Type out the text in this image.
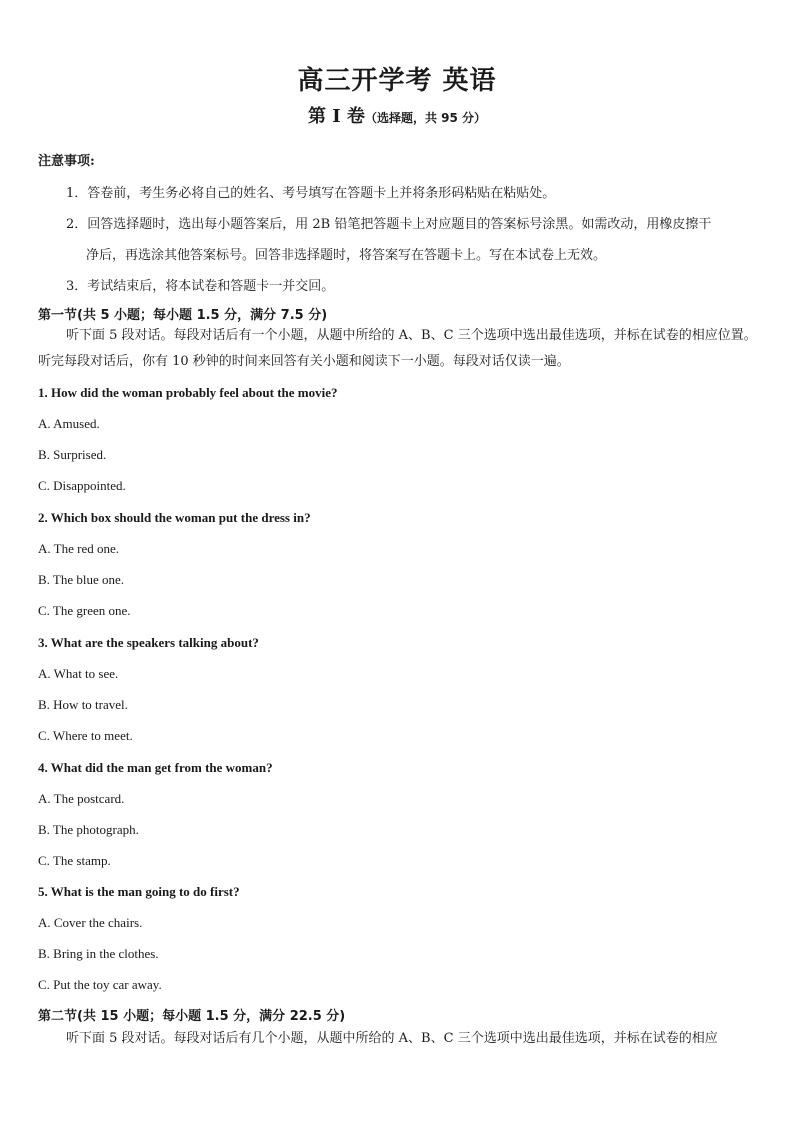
高三开学考 英语
第 I 卷（选择题，共 95 分）
注意事项:
1．答卷前，考生务必将自己的姓名、考号填写在答题卡上并将条形码粘贴在粘贴处。
2．回答选择题时，选出每小题答案后，用 2B 铅笔把答题卡上对应题目的答案标号涂黑。如需改动，用橡皮擦干
净后，再选涂其他答案标号。回答非选择题时，将答案写在答题卡上。写在本试卷上无效。
3．考试结束后，将本试卷和答题卡一并交回。
第一节(共 5 小题；每小题 1.5 分，满分 7.5 分)
听下面 5 段对话。每段对话后有一个小题，从题中所给的 A、B、C 三个选项中选出最佳选项，并标在试卷的相应位置。听完每段对话后，你有 10 秒钟的时间来回答有关小题和阅读下一小题。每段对话仅读一遍。
1. How did the woman probably feel about the movie?
A. Amused.
B. Surprised.
C. Disappointed.
2. Which box should the woman put the dress in?
A. The red one.
B. The blue one.
C. The green one.
3. What are the speakers talking about?
A. What to see.
B. How to travel.
C. Where to meet.
4. What did the man get from the woman?
A. The postcard.
B. The photograph.
C. The stamp.
5. What is the man going to do first?
A. Cover the chairs.
B. Bring in the clothes.
C. Put the toy car away.
第二节(共 15 小题；每小题 1.5 分，满分 22.5 分)
听下面 5 段对话。每段对话后有几个小题，从题中所给的 A、B、C 三个选项中选出最佳选项，并标在试卷的相应
